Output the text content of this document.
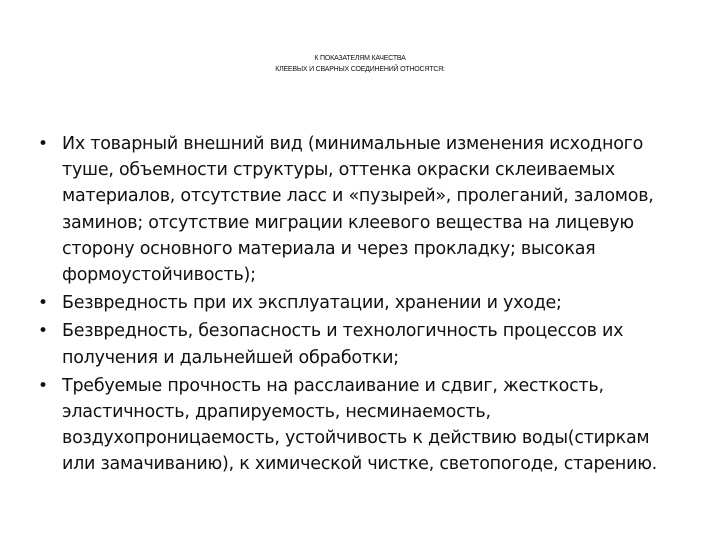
К ПОКАЗАТЕЛЯМ КАЧЕСТВА
КЛЕЕВЫХ И СВАРНЫХ СОЕДИНЕНИЙ ОТНОСЯТСЯ:
• Их товарный внешний вид (минимальные изменения исходного туше, объемности структуры, оттенка окраски склеиваемых материалов, отсутствие ласс и «пузырей», пролеганий, заломов, заминов; отсутствие миграции клеевого вещества на лицевую сторону основного материала и через прокладку; высокая формоустойчивость);
• Безвредность при их эксплуатации, хранении и уходе;
• Безвредность, безопасность и технологичность процессов их получения и дальнейшей обработки;
• Требуемые прочность на расслаивание и сдвиг, жесткость, эластичность, драпируемость, несминаемость, воздухопроницаемость, устойчивость к действию воды(стиркам или замачиванию), к химической чистке, светопогоде, старению.
